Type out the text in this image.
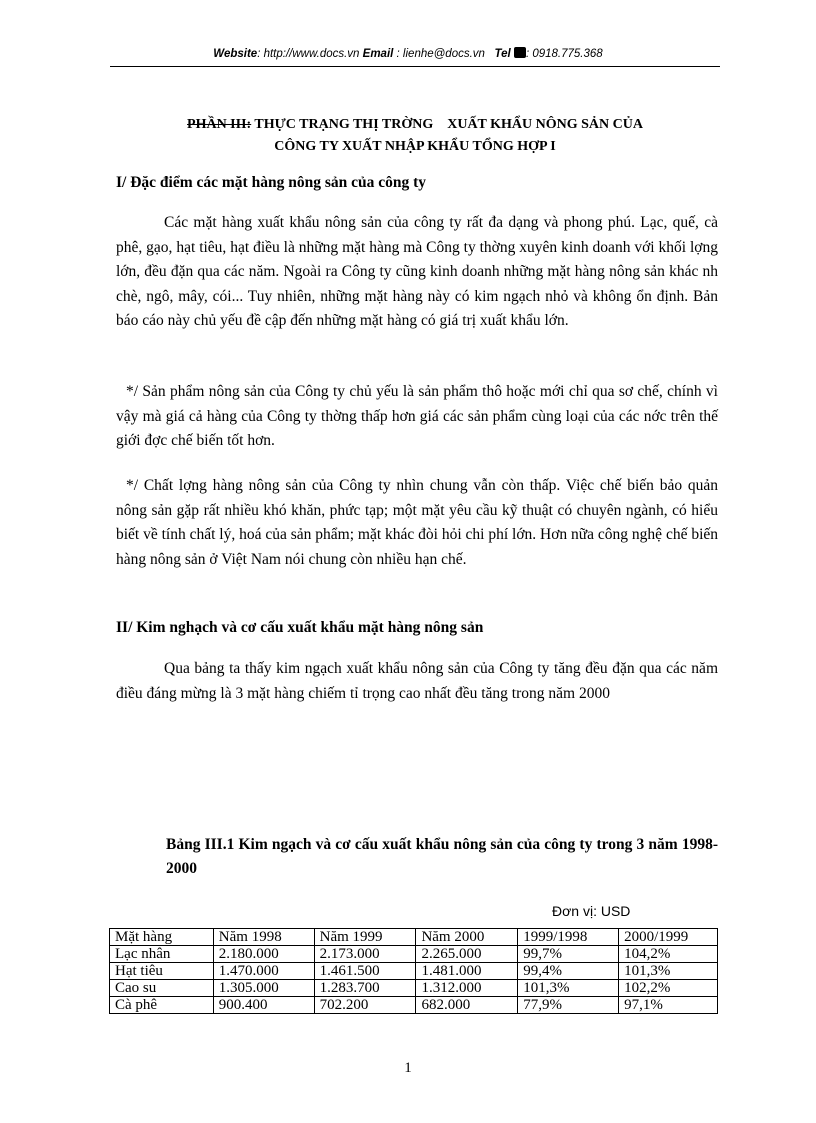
Website: http://www.docs.vn Email : lienhe@docs.vn Tel : 0918.775.368
PHẦN III: THỰC TRẠNG THỊ TRỜNG    XUẤT KHẨU NÔNG SẢN CỦA
CÔNG TY XUẤT NHẬP KHẨU TỔNG HỢP I
I/ Đặc điểm các mặt hàng nông sản của công ty
Các mặt hàng xuất khẩu nông sản của công ty rất đa dạng và phong phú. Lạc, quế, cà phê, gạo, hạt tiêu, hạt điều là những mặt hàng mà Công ty thờng xuyên kinh doanh với khối lợng lớn, đều đặn qua các năm. Ngoài ra Công ty cũng kinh doanh những mặt hàng nông sản khác nh chè, ngô, mây, cói... Tuy nhiên, những mặt hàng này có kim ngạch nhỏ và không ổn định. Bản báo cáo này chủ yếu đề cập đến những mặt hàng có giá trị xuất khẩu lớn.
*/ Sản phẩm nông sản của Công ty chủ yếu là sản phẩm thô hoặc mới chỉ qua sơ chế, chính vì vậy mà giá cả hàng của Công ty thờng thấp hơn giá các sản phẩm cùng loại của các nớc trên thế giới đợc chế biến tốt hơn.
*/ Chất lợng hàng nông sản của Công ty nhìn chung vẫn còn thấp. Việc chế biến bảo quản nông sản gặp rất nhiều khó khăn, phức tạp; một mặt yêu cầu kỹ thuật có chuyên ngành, có hiểu biết về tính chất lý, hoá của sản phẩm; mặt khác đòi hỏi chi phí lớn. Hơn nữa công nghệ chế biến hàng nông sản ở Việt Nam nói chung còn nhiều hạn chế.
II/ Kim nghạch và cơ cấu xuất khẩu mặt hàng nông sản
Qua bảng ta thấy kim ngạch xuất khẩu nông sản của Công ty tăng đều đặn qua các năm điều đáng mừng là 3 mặt hàng chiếm tỉ trọng cao nhất đều tăng trong năm 2000
Bảng III.1 Kim ngạch và cơ cấu xuất khẩu nông sản của công ty trong 3 năm 1998-2000
Đơn vị: USD
Mặt hàng	Năm 1998	Năm 1999	Năm 2000	1999/1998	2000/1999
Lạc nhân	2.180.000	2.173.000	2.265.000	99,7%	104,2%
Hạt tiêu	1.470.000	1.461.500	1.481.000	99,4%	101,3%
Cao su	1.305.000	1.283.700	1.312.000	101,3%	102,2%
Cà phê	900.400	702.200	682.000	77,9%	97,1%
1
